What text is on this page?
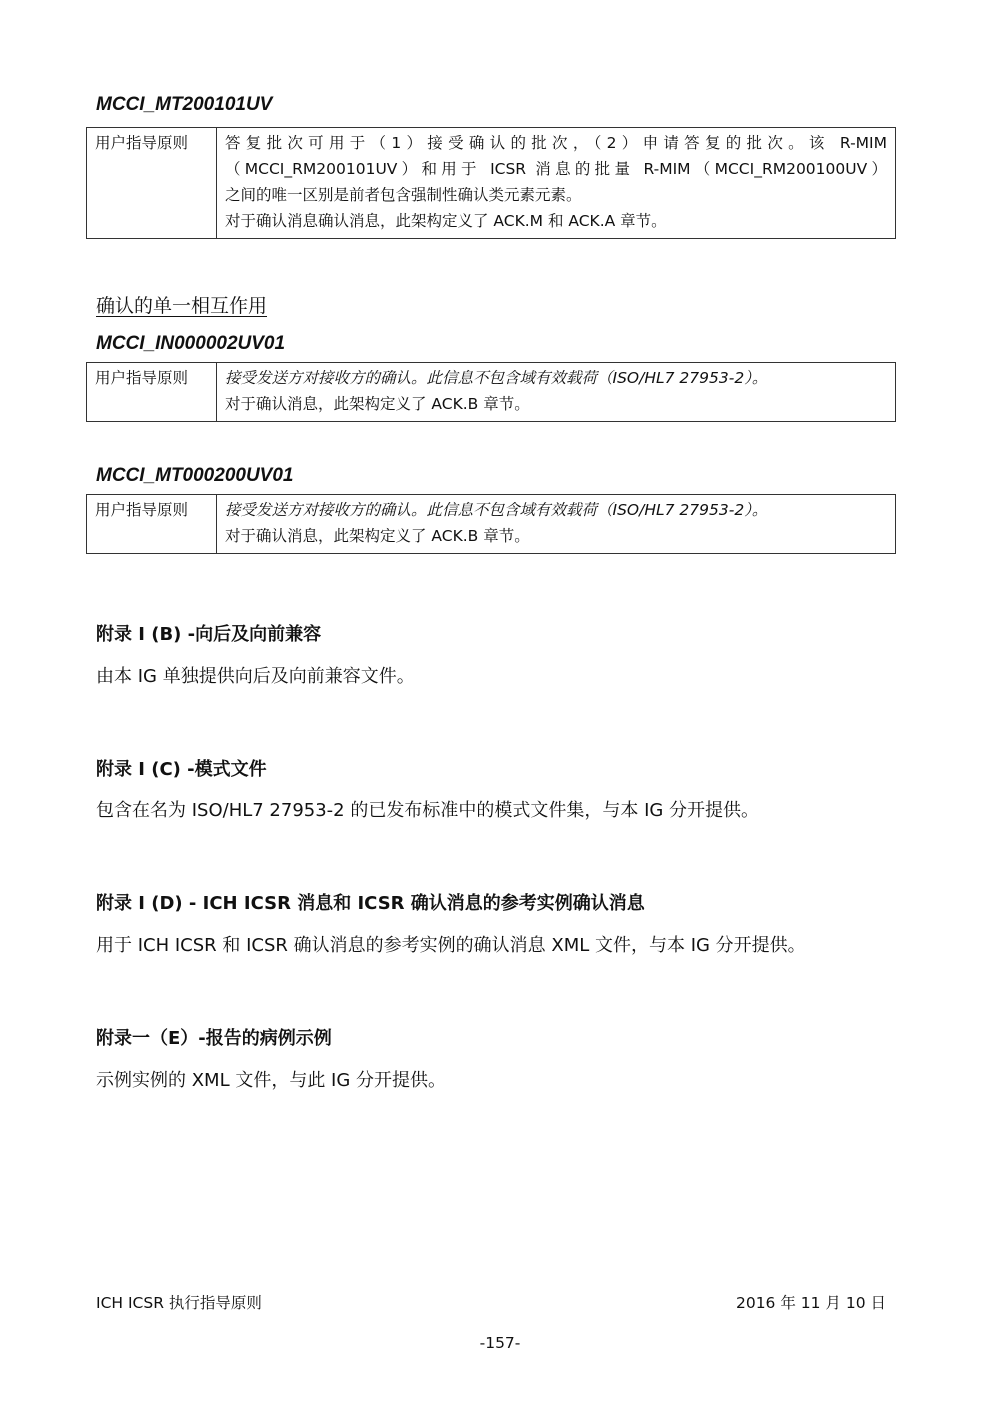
MCCI_MT200101UV
用户指导原则	答复批次可用于（1）接受确认的批次，（2）申请答复的批次。该 R-MIM
（MCCI_RM200101UV）和用于 ICSR 消息的批量 R-MIM（MCCI_RM200100UV）
之间的唯一区别是前者包含强制性确认类元素元素。
对于确认消息确认消息，此架构定义了 ACK.M 和 ACK.A 章节。
确认的单一相互作用
MCCI_IN000002UV01
用户指导原则	接受发送方对接收方的确认。此信息不包含域有效载荷（ISO/HL7 27953-2）。
对于确认消息，此架构定义了 ACK.B 章节。
MCCI_MT000200UV01
用户指导原则	接受发送方对接收方的确认。此信息不包含域有效载荷（ISO/HL7 27953-2）。
对于确认消息，此架构定义了 ACK.B 章节。
附录 I (B) -向后及向前兼容
由本 IG 单独提供向后及向前兼容文件。
附录 I (C) -模式文件
包含在名为 ISO/HL7 27953-2 的已发布标准中的模式文件集，与本 IG 分开提供。
附录 I (D) - ICH ICSR 消息和 ICSR 确认消息的参考实例确认消息
用于 ICH ICSR 和 ICSR 确认消息的参考实例的确认消息 XML 文件，与本 IG 分开提供。
附录一（E）-报告的病例示例
示例实例的 XML 文件，与此 IG 分开提供。
ICH ICSR 执行指导原则	2016 年 11 月 10 日
-157-
